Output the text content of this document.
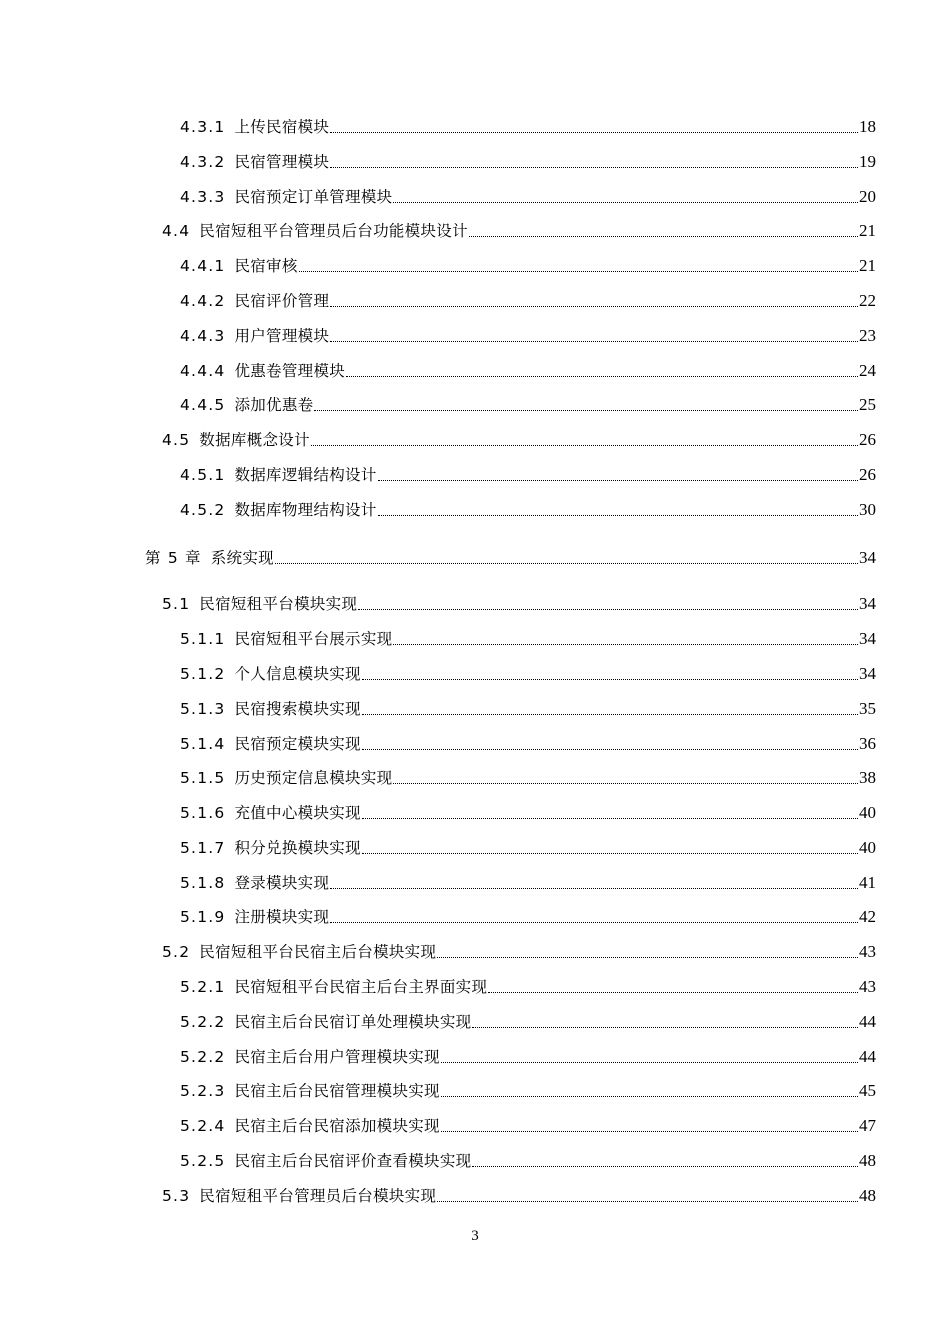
4.3.1 上传民宿模块	18
4.3.2 民宿管理模块	19
4.3.3 民宿预定订单管理模块	20
4.4 民宿短租平台管理员后台功能模块设计	21
4.4.1 民宿审核	21
4.4.2 民宿评价管理	22
4.4.3 用户管理模块	23
4.4.4 优惠卷管理模块	24
4.4.5 添加优惠卷	25
4.5 数据库概念设计	26
4.5.1 数据库逻辑结构设计	26
4.5.2 数据库物理结构设计	30
第 5 章 系统实现	34
5.1 民宿短租平台模块实现	34
5.1.1 民宿短租平台展示实现	34
5.1.2 个人信息模块实现	34
5.1.3 民宿搜索模块实现	35
5.1.4 民宿预定模块实现	36
5.1.5 历史预定信息模块实现	38
5.1.6 充值中心模块实现	40
5.1.7 积分兑换模块实现	40
5.1.8 登录模块实现	41
5.1.9 注册模块实现	42
5.2 民宿短租平台民宿主后台模块实现	43
5.2.1 民宿短租平台民宿主后台主界面实现	43
5.2.2 民宿主后台民宿订单处理模块实现	44
5.2.2 民宿主后台用户管理模块实现	44
5.2.3 民宿主后台民宿管理模块实现	45
5.2.4 民宿主后台民宿添加模块实现	47
5.2.5 民宿主后台民宿评价查看模块实现	48
5.3 民宿短租平台管理员后台模块实现	48
3
